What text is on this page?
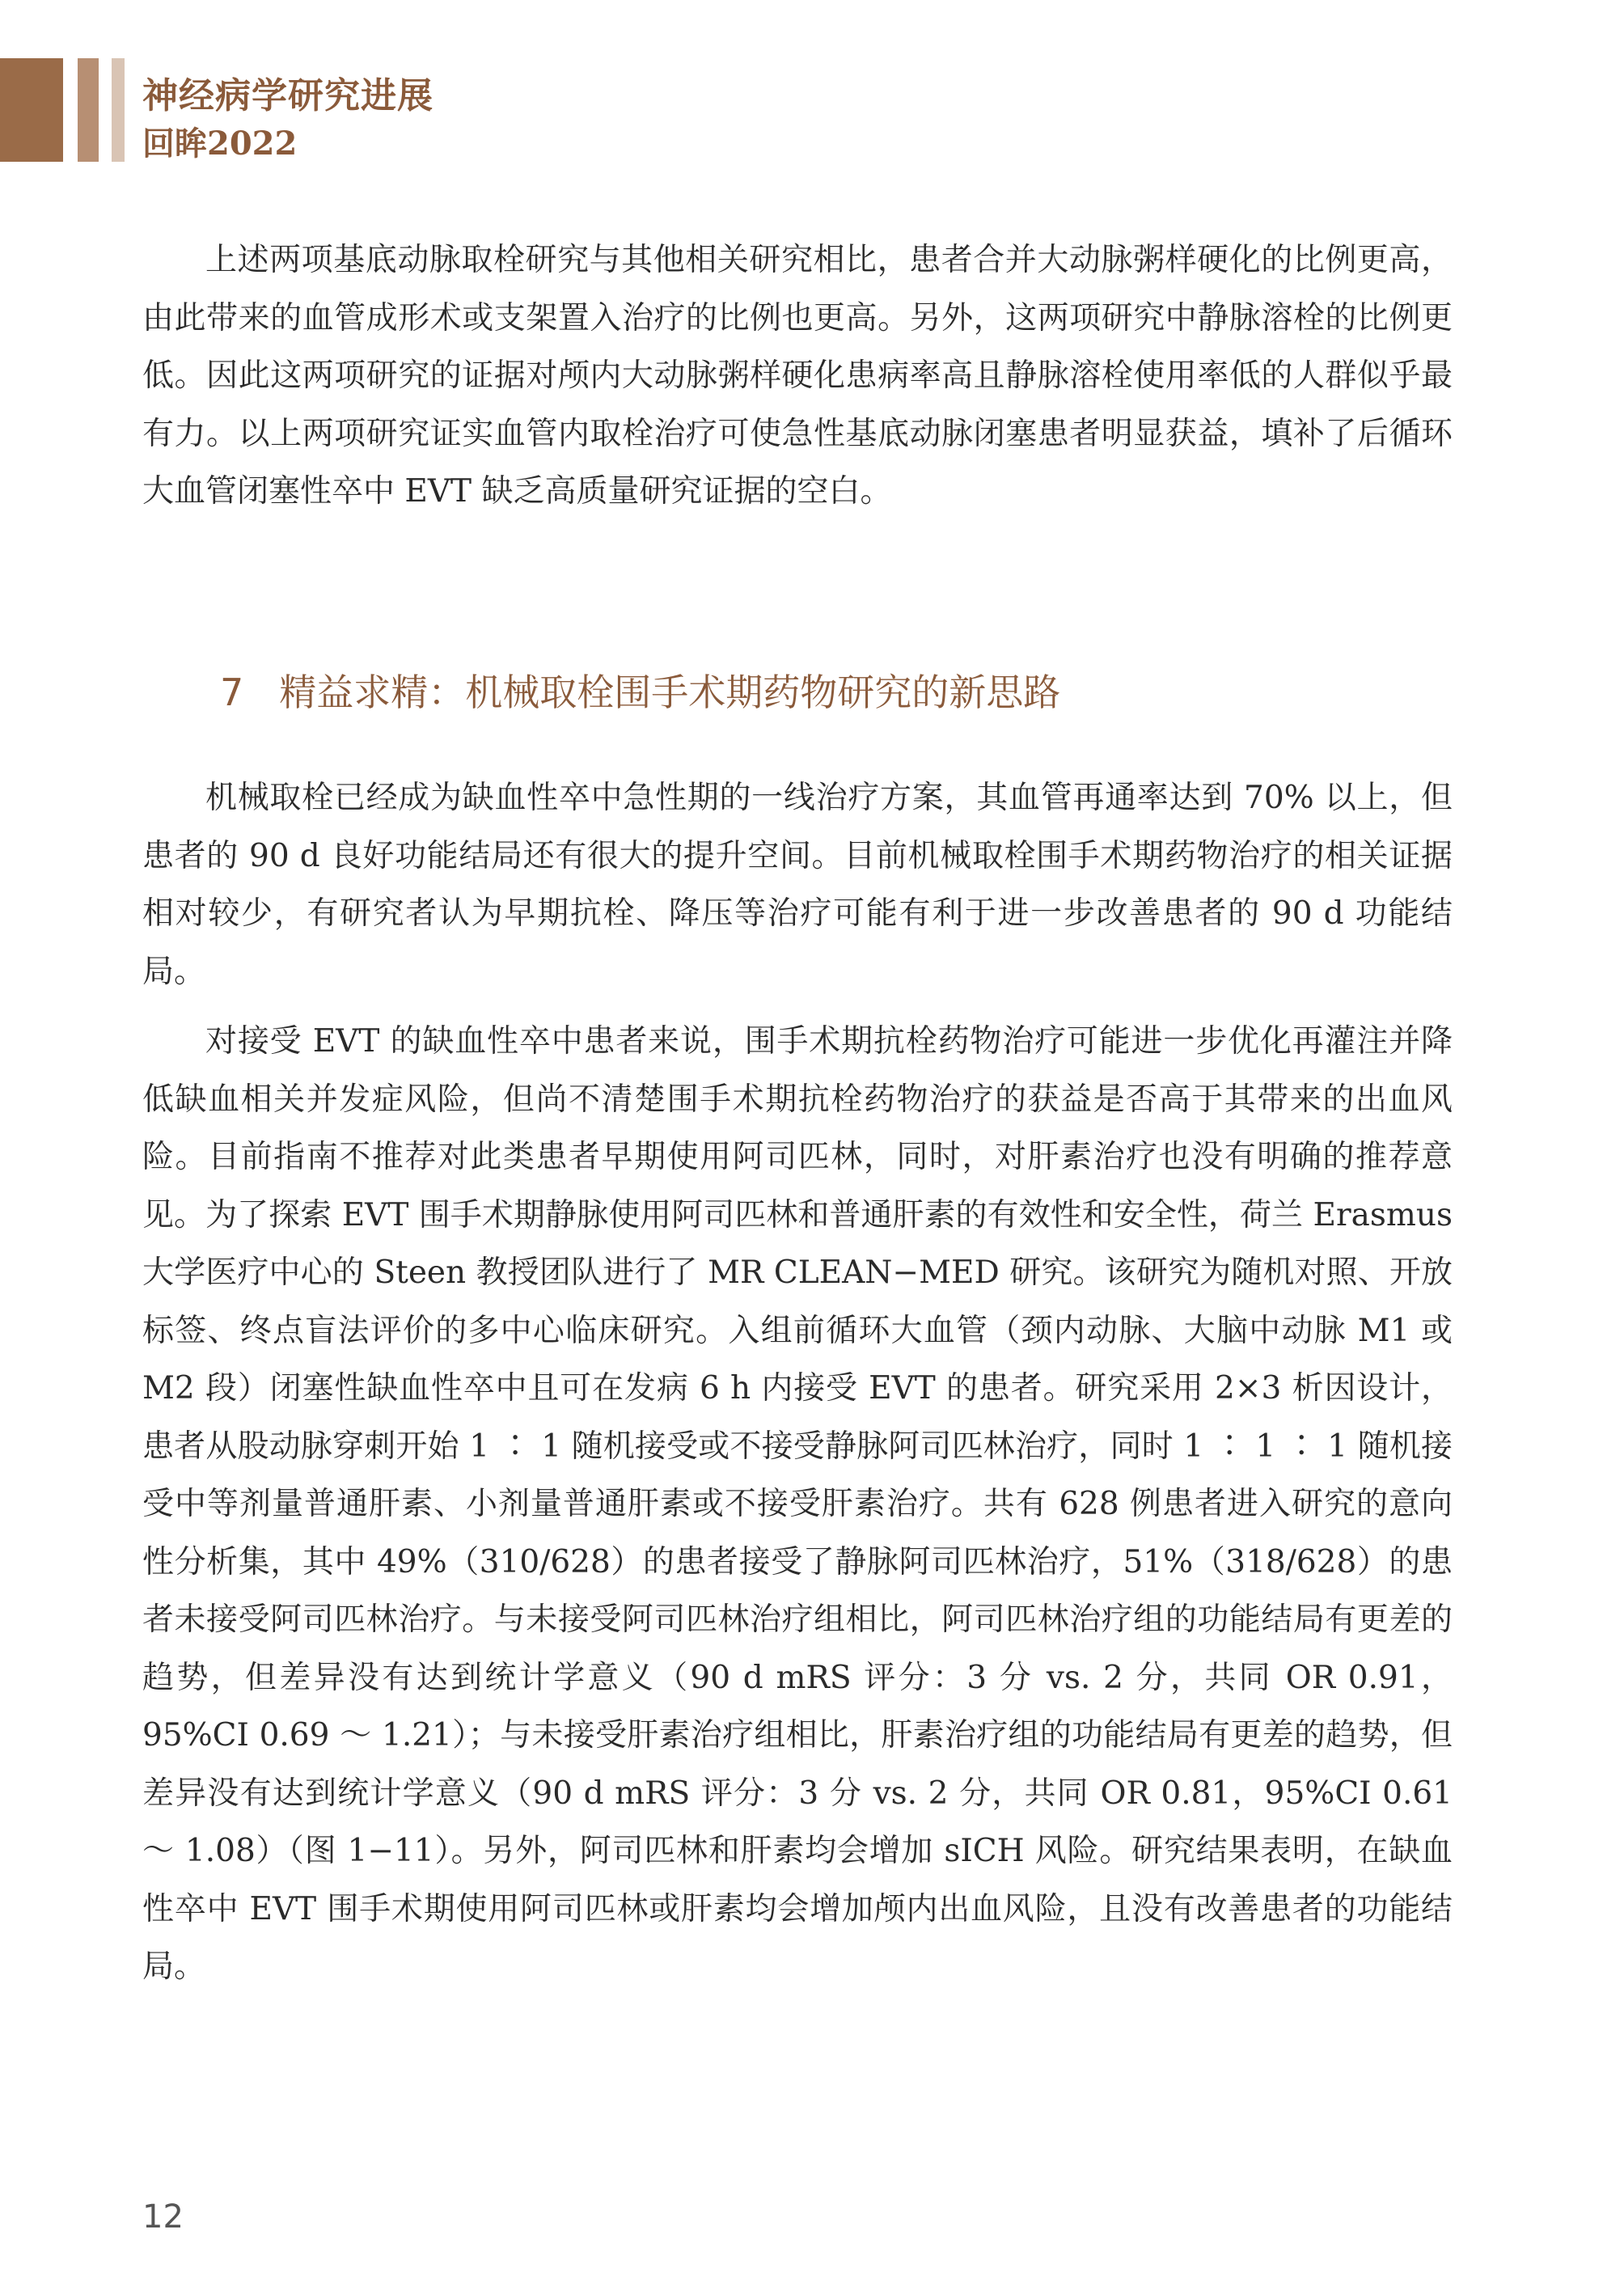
神经病学研究进展
回眸2022

上述两项基底动脉取栓研究与其他相关研究相比，患者合并大动脉粥样硬化的比例更高，由此带来的血管成形术或支架置入治疗的比例也更高。另外，这两项研究中静脉溶栓的比例更低。因此这两项研究的证据对颅内大动脉粥样硬化患病率高且静脉溶栓使用率低的人群似乎最有力。以上两项研究证实血管内取栓治疗可使急性基底动脉闭塞患者明显获益，填补了后循环大血管闭塞性卒中 EVT 缺乏高质量研究证据的空白。

7 精益求精：机械取栓围手术期药物研究的新思路

机械取栓已经成为缺血性卒中急性期的一线治疗方案，其血管再通率达到 70% 以上，但患者的 90 d 良好功能结局还有很大的提升空间。目前机械取栓围手术期药物治疗的相关证据相对较少，有研究者认为早期抗栓、降压等治疗可能有利于进一步改善患者的 90 d 功能结局。

对接受 EVT 的缺血性卒中患者来说，围手术期抗栓药物治疗可能进一步优化再灌注并降低缺血相关并发症风险，但尚不清楚围手术期抗栓药物治疗的获益是否高于其带来的出血风险。目前指南不推荐对此类患者早期使用阿司匹林，同时，对肝素治疗也没有明确的推荐意见。为了探索 EVT 围手术期静脉使用阿司匹林和普通肝素的有效性和安全性，荷兰 Erasmus 大学医疗中心的 Steen 教授团队进行了 MR CLEAN−MED 研究。该研究为随机对照、开放标签、终点盲法评价的多中心临床研究。入组前循环大血管（颈内动脉、大脑中动脉 M1 或 M2 段）闭塞性缺血性卒中且可在发病 6 h 内接受 EVT 的患者。研究采用 2×3 析因设计，患者从股动脉穿刺开始 1 ∶ 1 随机接受或不接受静脉阿司匹林治疗，同时 1 ∶ 1 ∶ 1 随机接受中等剂量普通肝素、小剂量普通肝素或不接受肝素治疗。共有 628 例患者进入研究的意向性分析集，其中 49%（310/628）的患者接受了静脉阿司匹林治疗，51%（318/628）的患者未接受阿司匹林治疗。与未接受阿司匹林治疗组相比，阿司匹林治疗组的功能结局有更差的趋势，但差异没有达到统计学意义（90 d mRS 评分：3 分 vs. 2 分，共同 OR 0.91，95%CI 0.69 ～ 1.21）；与未接受肝素治疗组相比，肝素治疗组的功能结局有更差的趋势，但差异没有达到统计学意义（90 d mRS 评分：3 分 vs. 2 分，共同 OR 0.81，95%CI 0.61 ～ 1.08）（图 1−11）。另外，阿司匹林和肝素均会增加 sICH 风险。研究结果表明，在缺血性卒中 EVT 围手术期使用阿司匹林或肝素均会增加颅内出血风险，且没有改善患者的功能结局。

12
